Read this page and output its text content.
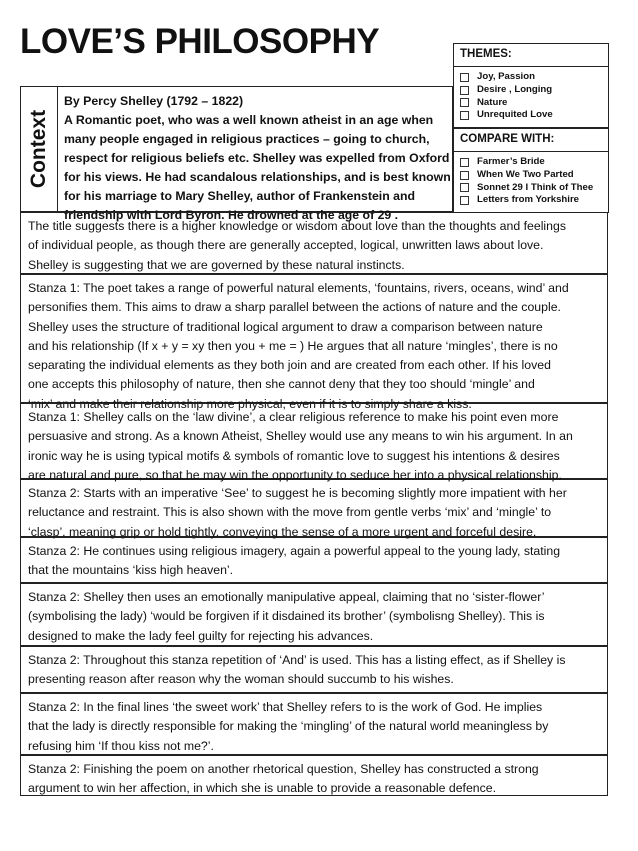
LOVE’S PHILOSOPHY	THEMES:
Joy, Passion
Desire , Longing
Nature
Unrequited Love
COMPARE WITH:
Farmer’s Bride
When We Two Parted
Sonnet 29 I Think of Thee
Letters from Yorkshire
Context

By Percy Shelley (1792 – 1822)

A Romantic poet, who was a well known atheist in an age when

many people engaged in religious practices – going to church,

respect for religious beliefs etc. Shelley was expelled from Oxford

for his views. He had scandalous relationships, and is best known

for his marriage to Mary Shelley, author of Frankenstein and

friendship with Lord Byron. He drowned at the age of 29 .

The title suggests there is a higher knowledge or wisdom about love than the thoughts and feelings

of individual people, as though there are generally accepted, logical, unwritten laws about love.

Shelley is suggesting that we are governed by these natural instincts.

Stanza 1: The poet takes a range of powerful natural elements, ‘fountains, rivers, oceans, wind’ and

personifies them. This aims to draw a sharp parallel between the actions of nature and the couple.

Shelley uses the structure of traditional logical argument to draw a comparison between nature

and his relationship (If x + y = xy then you + me = ) He argues that all nature ‘mingles’, there is no

separating the individual elements as they both join and are created from each other. If his loved

one accepts this philosophy of nature, then she cannot deny that they too should ‘mingle’ and

‘mix’ and make their relationship more physical, even if it is to simply share a kiss.

Stanza 1: Shelley calls on the ‘law divine’, a clear religious reference to make his point even more

persuasive and strong. As a known Atheist, Shelley would use any means to win his argument. In an

ironic way he is using typical motifs & symbols of romantic love to suggest his intentions & desires

are natural and pure, so that he may win the opportunity to seduce her into a physical relationship.

Stanza 2: Starts with an imperative ‘See’ to suggest he is becoming slightly more impatient with her

reluctance and restraint. This is also shown with the move from gentle verbs ‘mix’ and ‘mingle’ to

‘clasp’, meaning grip or hold tightly, conveying the sense of a more urgent and forceful desire.

Stanza 2: He continues using religious imagery, again a powerful appeal to the young lady, stating

that the mountains ‘kiss high heaven’.

Stanza 2: Shelley then uses an emotionally manipulative appeal, claiming that no ‘sister-flower’

(symbolising the lady) ‘would be forgiven if it disdained its brother’ (symbolisng Shelley). This is

designed to make the lady feel guilty for rejecting his advances.

Stanza 2: Throughout this stanza repetition of ‘And’ is used. This has a listing effect, as if Shelley is

presenting reason after reason why the woman should succumb to his wishes.

Stanza 2: In the final lines ‘the sweet work’ that Shelley refers to is the work of God. He implies

that the lady is directly responsible for making the ‘mingling’ of the natural world meaningless by

refusing him ‘If thou kiss not me?’.

Stanza 2: Finishing the poem on another rhetorical question, Shelley has constructed a strong

argument to win her affection, in which she is unable to provide a reasonable defence.
